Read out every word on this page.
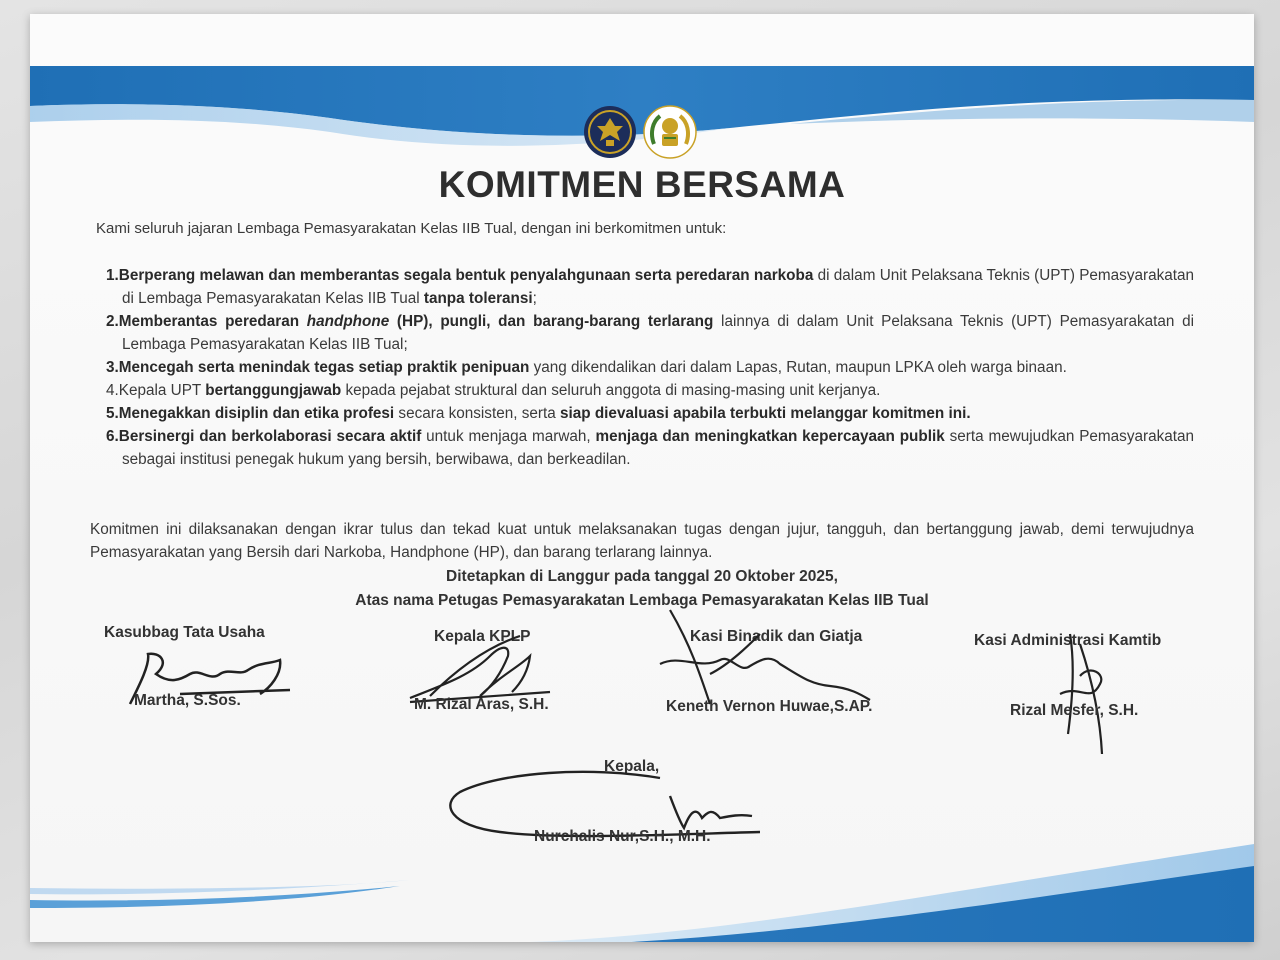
KOMITMEN BERSAMA
Kami seluruh jajaran Lembaga Pemasyarakatan Kelas IIB Tual, dengan ini berkomitmen untuk:
1.Berperang melawan dan memberantas segala bentuk penyalahgunaan serta peredaran narkoba di dalam Unit Pelaksana Teknis (UPT) Pemasyarakatan di Lembaga Pemasyarakatan Kelas IIB Tual tanpa toleransi;
2.Memberantas peredaran handphone (HP), pungli, dan barang-barang terlarang lainnya di dalam Unit Pelaksana Teknis (UPT) Pemasyarakatan di Lembaga Pemasyarakatan Kelas IIB Tual;
3.Mencegah serta menindak tegas setiap praktik penipuan yang dikendalikan dari dalam Lapas, Rutan, maupun LPKA oleh warga binaan.
4.Kepala UPT bertanggungjawab kepada pejabat struktural dan seluruh anggota di masing-masing unit kerjanya.
5.Menegakkan disiplin dan etika profesi secara konsisten, serta siap dievaluasi apabila terbukti melanggar komitmen ini.
6.Bersinergi dan berkolaborasi secara aktif untuk menjaga marwah, menjaga dan meningkatkan kepercayaan publik serta mewujudkan Pemasyarakatan sebagai institusi penegak hukum yang bersih, berwibawa, dan berkeadilan.
Komitmen ini dilaksanakan dengan ikrar tulus dan tekad kuat untuk melaksanakan tugas dengan jujur, tangguh, dan bertanggung jawab, demi terwujudnya Pemasyarakatan yang Bersih dari Narkoba, Handphone (HP), dan barang terlarang lainnya.
Ditetapkan di Langgur pada tanggal 20 Oktober 2025,
Atas nama Petugas Pemasyarakatan Lembaga Pemasyarakatan Kelas IIB Tual
Kasubbag Tata Usaha
Martha, S.Sos.
Kepala KPLP
M. Rizal Aras, S.H.
Kasi Binadik dan Giatja
Keneth Vernon Huwae,S.AP.
Kasi Administrasi Kamtib
Rizal Mesfer, S.H.
Kepala,
Nurchalis Nur,S.H., M.H.
